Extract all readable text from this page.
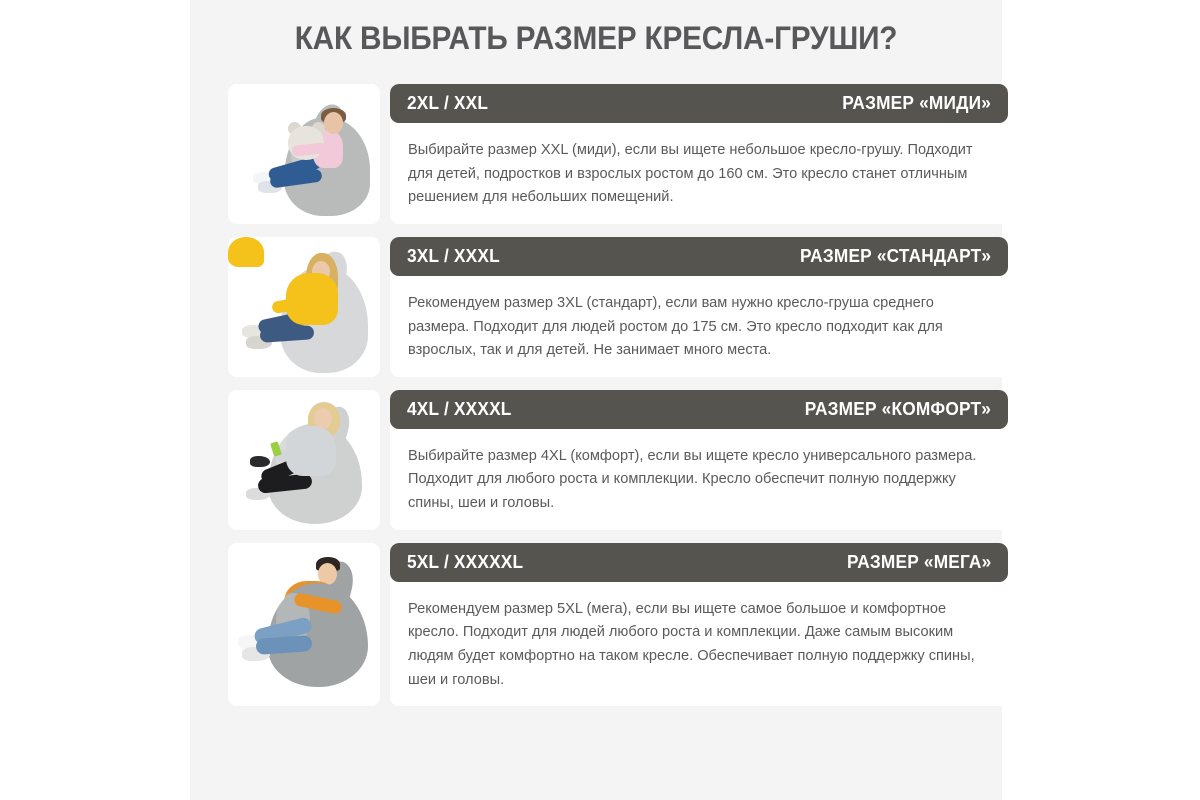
КАК ВЫБРАТЬ РАЗМЕР КРЕСЛА-ГРУШИ?
2XL / XXL	РАЗМЕР «МИДИ»

Выбирайте размер XXL (миди), если вы ищете небольшое кресло-грушу. Подходит для детей, подростков и взрослых ростом до 160 см. Это кресло станет отличным решением для небольших помещений.

3XL / XXXL	РАЗМЕР «СТАНДАРТ»

Рекомендуем размер 3XL (стандарт), если вам нужно кресло-груша среднего размера. Подходит для людей ростом до 175 см. Это кресло подходит как для взрослых, так и для детей. Не занимает много места.

4XL / XXXXL	РАЗМЕР «КОМФОРТ»

Выбирайте размер 4XL (комфорт), если вы ищете кресло универсального размера. Подходит для любого роста и комплекции. Кресло обеспечит полную поддержку спины, шеи и головы.

5XL / XXXXXL	РАЗМЕР «МЕГА»

Рекомендуем размер 5XL (мега), если вы ищете самое большое и комфортное кресло. Подходит для людей любого роста и комплекции. Даже самым высоким людям будет комфортно на таком кресле. Обеспечивает полную поддержку спины, шеи и головы.
